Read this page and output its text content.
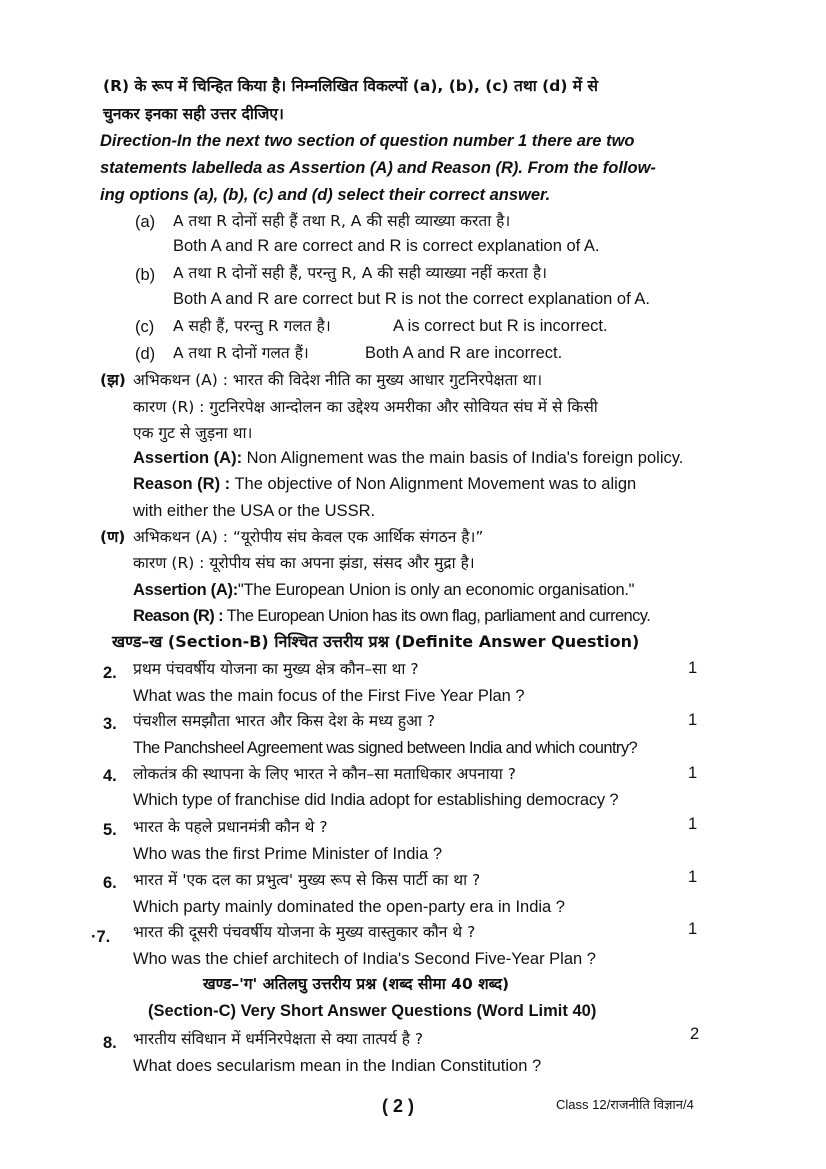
(R) के रूप में चिन्हित किया है। निम्नलिखित विकल्पों (a), (b), (c) तथा (d) में से
चुनकर इनका सही उत्तर दीजिए।
Direction-In the next two section of question number 1 there are two
statements labelleda as Assertion (A) and Reason (R). From the follow-
ing options (a), (b), (c) and (d) select their correct answer.
(a) A तथा R दोनों सही हैं तथा R, A की सही व्याख्या करता है।
Both A and R are correct and R is correct explanation of A.
(b) A तथा R दोनों सही हैं, परन्तु R, A की सही व्याख्या नहीं करता है।
Both A and R are correct but R is not the correct explanation of A.
(c) A सही हैं, परन्तु R गलत है।	A is correct but R is incorrect.
(d) A तथा R दोनों गलत हैं।	Both A and R are incorrect.
(झ) अभिकथन (A) : भारत की विदेश नीति का मुख्य आधार गुटनिरपेक्षता था।
कारण (R) : गुटनिरपेक्ष आन्दोलन का उद्देश्य अमरीका और सोवियत संघ में से किसी
एक गुट से जुड़ना था।
Assertion (A): Non Alignement was the main basis of India's foreign policy.
Reason (R) : The objective of Non Alignment Movement was to align
with either the USA or the USSR.
(ण) अभिकथन (A) : “यूरोपीय संघ केवल एक आर्थिक संगठन है।”
कारण (R) : यूरोपीय संघ का अपना झंडा, संसद और मुद्रा है।
Assertion (A):"The European Union is only an economic organisation."
Reason (R) : The European Union has its own flag, parliament and currency.
खण्ड–ख (Section-B) निश्चित उत्तरीय प्रश्न (Definite Answer Question)
2. प्रथम पंचवर्षीय योजना का मुख्य क्षेत्र कौन–सा था ?	1
What was the main focus of the First Five Year Plan ?
3. पंचशील समझौता भारत और किस देश के मध्य हुआ ?	1
The Panchsheel Agreement was signed between India and which country?
4. लोकतंत्र की स्थापना के लिए भारत ने कौन–सा मताधिकार अपनाया ?	1
Which type of franchise did India adopt for establishing democracy ?
5. भारत के पहले प्रधानमंत्री कौन थे ?	1
Who was the first Prime Minister of India ?
6. भारत में 'एक दल का प्रभुत्व' मुख्य रूप से किस पार्टी का था ?	1
Which party mainly dominated the open-party era in India ?
·7. भारत की दूसरी पंचवर्षीय योजना के मुख्य वास्तुकार कौन थे ?	1
Who was the chief architech of India's Second Five-Year Plan ?
खण्ड–'ग' अतिलघु उत्तरीय प्रश्न (शब्द सीमा 40 शब्द)
(Section-C) Very Short Answer Questions (Word Limit 40)
8. भारतीय संविधान में धर्मनिरपेक्षता से क्या तात्पर्य है ?	2
What does secularism mean in the Indian Constitution ?
( 2 )	Class 12/राजनीति विज्ञान/4
